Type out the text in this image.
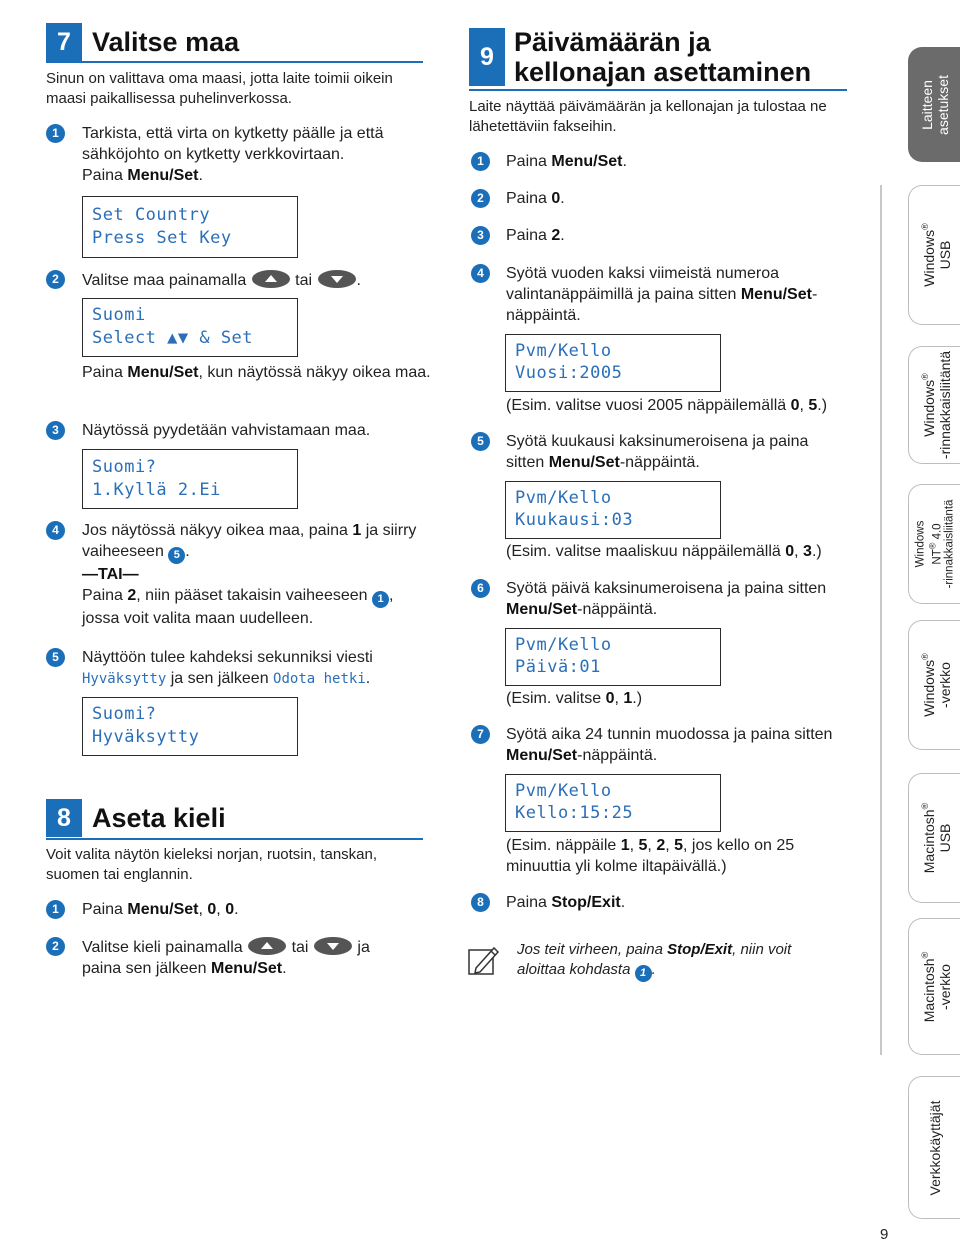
7 Valitse maa
Sinun on valittava oma maasi, jotta laite toimii oikein maasi paikallisessa puhelinverkossa.
1	Tarkista, että virta on kytketty päälle ja että sähköjohto on kytketty verkkovirtaan.
Paina Menu/Set.
Set Country
Press Set Key
2	Valitse maa painamalla	tai	.
Suomi
Select ▲▼ & Set
Paina Menu/Set, kun näytössä näkyy oikea maa.
3	Näytössä pyydetään vahvistamaan maa.
Suomi?
1.Kyllä 2.Ei
4	Jos näytössä näkyy oikea maa, paina 1 ja siirry vaiheeseen 5 .
—TAI—
Paina 2, niin pääset takaisin vaiheeseen 1 , jossa voit valita maan uudelleen.
5	Näyttöön tulee kahdeksi sekunniksi viesti Hyväksytty ja sen jälkeen Odota hetki.
Suomi?
Hyväksytty
8 Aseta kieli
Voit valita näytön kieleksi norjan, ruotsin, tanskan, suomen tai englannin.
1	Paina Menu/Set, 0, 0.
2	Valitse kieli painamalla	tai	ja
paina sen jälkeen Menu/Set.
9 Päivämäärän ja
kellonajan asettaminen
Laite näyttää päivämäärän ja kellonajan ja tulostaa ne lähetettäviin fakseihin.
1	Paina Menu/Set.
2	Paina 0.
3	Paina 2.
4	Syötä vuoden kaksi viimeistä numeroa valintanäppäimillä ja paina sitten Menu/Set-näppäintä.
Pvm/Kello
Vuosi:2005
(Esim. valitse vuosi 2005 näppäilemällä 0, 5.)
5	Syötä kuukausi kaksinumeroisena ja paina sitten Menu/Set-näppäintä.
Pvm/Kello
Kuukausi:03
(Esim. valitse maaliskuu näppäilemällä 0, 3.)
6	Syötä päivä kaksinumeroisena ja paina sitten Menu/Set-näppäintä.
Pvm/Kello
Päivä:01
(Esim. valitse 0, 1.)
7	Syötä aika 24 tunnin muodossa ja paina sitten Menu/Set-näppäintä.
Pvm/Kello
Kello:15:25
(Esim. näppäile 1, 5, 2, 5, jos kello on 25 minuuttia yli kolme iltapäivällä.)
8	Paina Stop/Exit.
Jos teit virheen, paina Stop/Exit, niin voit aloittaa kohdasta 1 .
Laitteen
asetukset
Windows®
USB
Windows® -rinnakkaisliitäntä
Windows NT® 4.0
-rinnakkaisliitäntä
Windows®
-verkko
Macintosh®
USB
Macintosh®
-verkko
Verkkokäyttäjät
9
